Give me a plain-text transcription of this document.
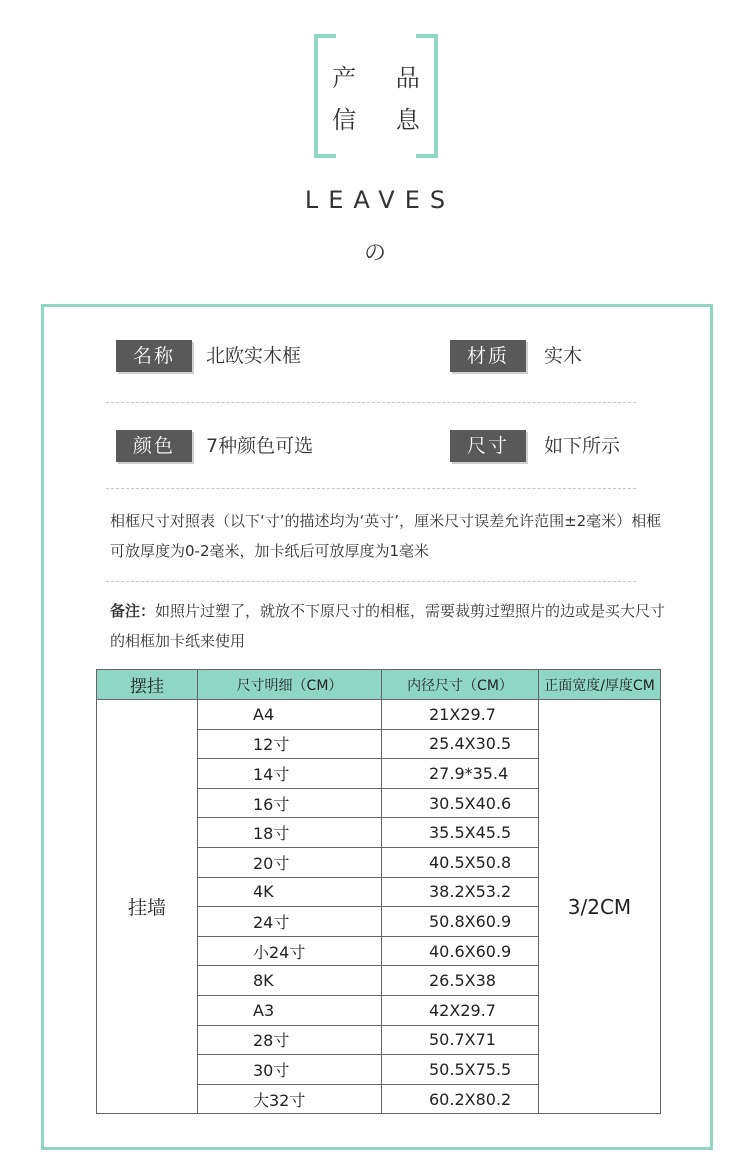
产 品
信 息
LEAVES
の
名称	北欧实木框	材质	实木
颜色	7种颜色可选	尺寸	如下所示
相框尺寸对照表（以下‘寸’的描述均为‘英寸’，厘米尺寸误差允许范围±2毫米）相框可放厚度为0-2毫米，加卡纸后可放厚度为1毫米
备注：如照片过塑了，就放不下原尺寸的相框，需要裁剪过塑照片的边或是买大尺寸的相框加卡纸来使用
摆挂	尺寸明细（CM）	内径尺寸（CM）	正面宽度/厚度CM
挂墙	A4	21X29.7	3/2CM
	12寸	25.4X30.5	
	14寸	27.9*35.4	
	16寸	30.5X40.6	
	18寸	35.5X45.5	
	20寸	40.5X50.8	
	4K	38.2X53.2	
	24寸	50.8X60.9	
	小24寸	40.6X60.9	
	8K	26.5X38	
	A3	42X29.7	
	28寸	50.7X71	
	30寸	50.5X75.5	
	大32寸	60.2X80.2	
